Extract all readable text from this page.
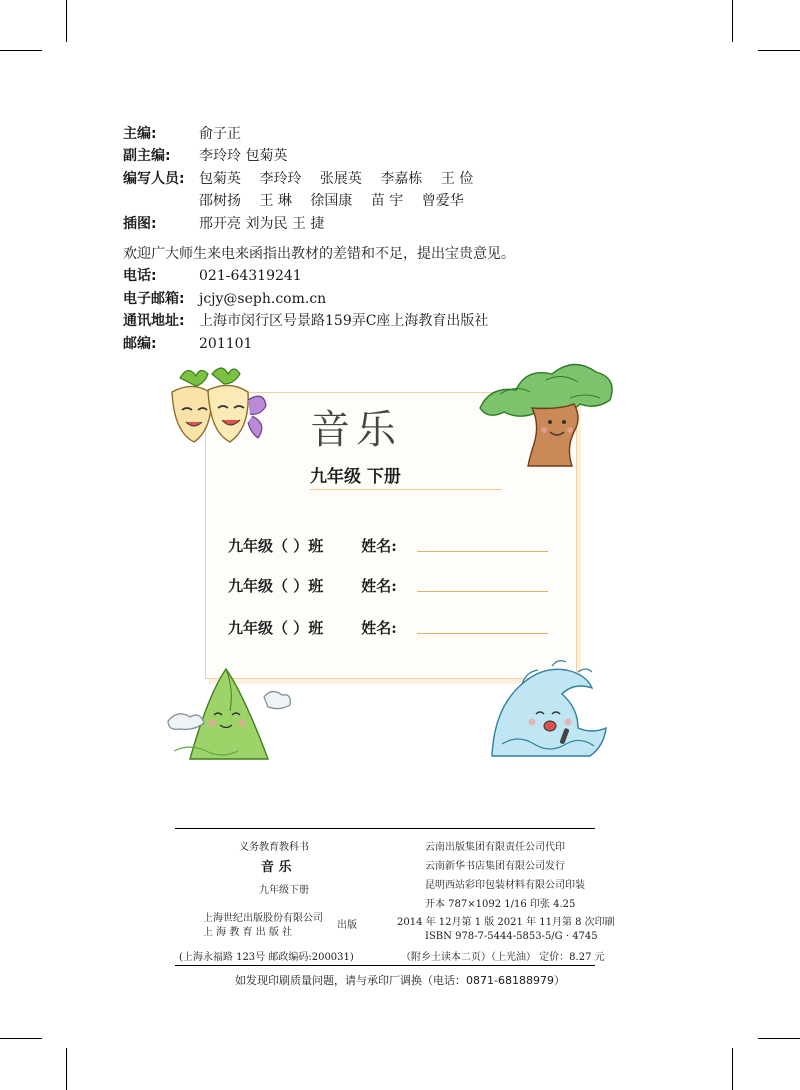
主编:	俞子正
副主编:	李玲玲 包菊英
编写人员:	包菊英 李玲玲 张展英 李嘉栋 王 俭
邵树扬 王 琳 徐国康 苗 宇 曾爱华
插图:	邢开亮 刘为民 王 捷
欢迎广大师生来电来函指出教材的差错和不足，提出宝贵意见。
电话:	021-64319241
电子邮箱:	jcjy@seph.com.cn
通讯地址:	上海市闵行区号景路159弄C座上海教育出版社
邮编:	201101
音乐
九年级 下册
九年级（ ）班	姓名:
九年级（ ）班	姓名:
九年级（ ）班	姓名:
义务教育教科书
音 乐
九年级下册
上海世纪出版股份有限公司
上 海 教 育 出 版 社
出版
(上海永福路 123号 邮政编码:200031)
云南出版集团有限责任公司代印
云南新华书店集团有限公司发行
昆明西站彩印包装材料有限公司印装
开本 787×1092 1/16 印张 4.25
2014 年 12月第 1 版 2021 年 11月第 8 次印刷
ISBN 978-7-5444-5853-5/G · 4745
（附乡土读本二页）（上光油） 定价：8.27 元
如发现印刷质量问题，请与承印厂调换（电话：0871-68188979）
